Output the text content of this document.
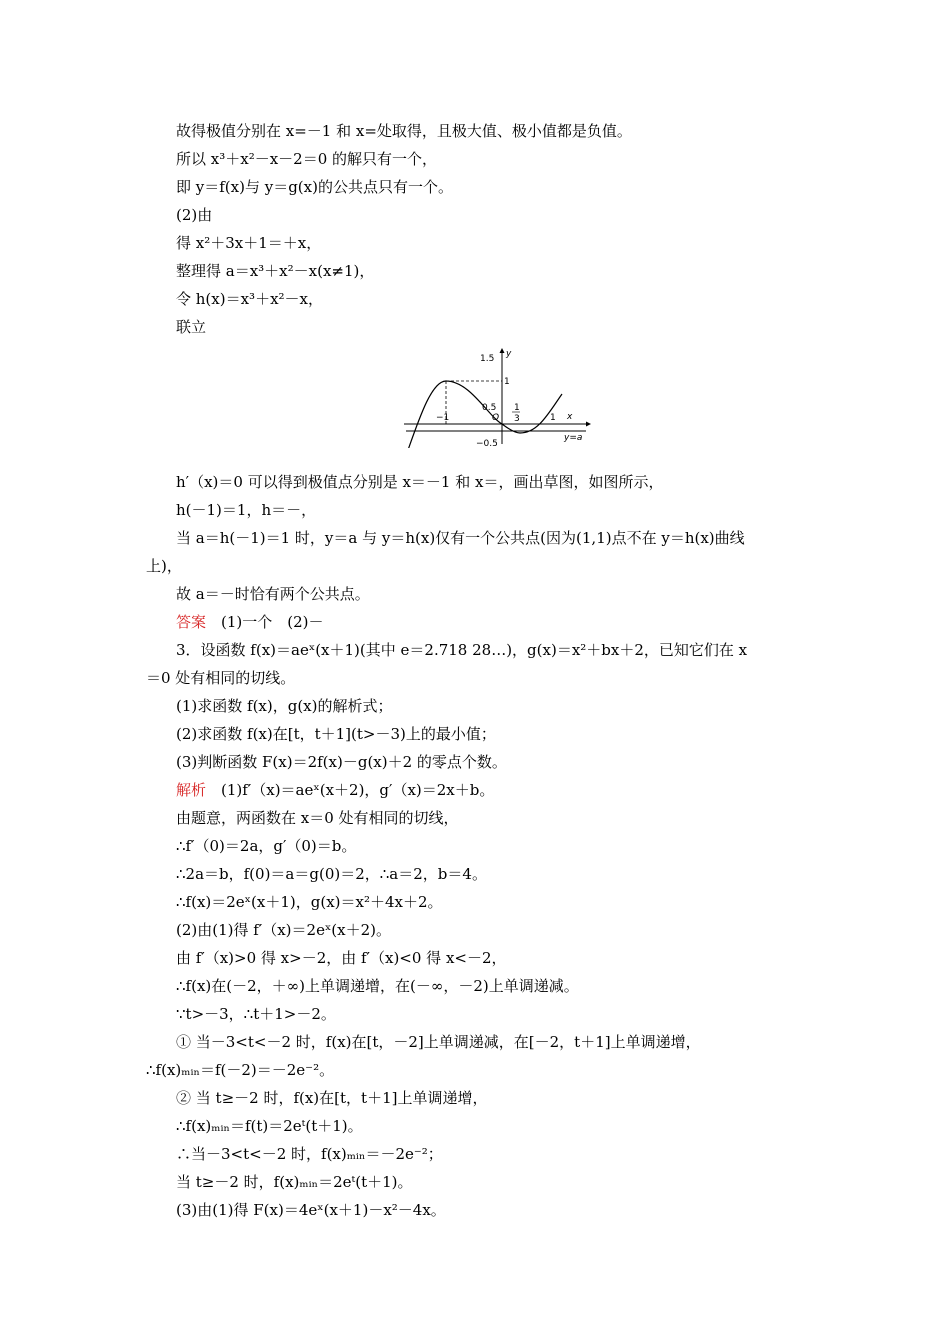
故得极值分别在 x=－1 和 x=处取得，且极大值、极小值都是负值。
所以 x³＋x²－x－2＝0 的解只有一个，
即 y＝f(x)与 y＝g(x)的公共点只有一个。
(2)由
得 x²＋3x＋1＝＋x，
整理得 a＝x³＋x²－x(x≠1)，
令 h(x)＝x³＋x²－x，
联立
1.5 y
1
0.5
−1	O
1
3	1 x
−0.5
y=a
h′（x)＝0 可以得到极值点分别是 x＝－1 和 x＝，画出草图，如图所示，
h(－1)＝1，h＝－，
当 a＝h(－1)＝1 时，y＝a 与 y＝h(x)仅有一个公共点(因为(1,1)点不在 y＝h(x)曲线
上)，
故 a＝－时恰有两个公共点。
答案　 (1)一个　(2)－
3．设函数 f(x)＝aeˣ(x＋1)(其中 e＝2.718 28…)，g(x)＝x²＋bx＋2，已知它们在 x
＝0 处有相同的切线。
(1)求函数 f(x)，g(x)的解析式；
(2)求函数 f(x)在[t，t＋1](t>－3)上的最小值；
(3)判断函数 F(x)＝2f(x)－g(x)＋2 的零点个数。
解析　 (1)f′（x)＝aeˣ(x＋2)，g′（x)＝2x＋b。
由题意，两函数在 x＝0 处有相同的切线，
∴f′（0)＝2a，g′（0)＝b。
∴2a＝b，f(0)＝a＝g(0)＝2，∴a＝2，b＝4。
∴f(x)＝2eˣ(x＋1)，g(x)＝x²＋4x＋2。
(2)由(1)得 f′（x)＝2eˣ(x＋2)。
由 f′（x)>0 得 x>－2，由 f′（x)<0 得 x<－2，
∴f(x)在(－2，＋∞)上单调递增，在(－∞，－2)上单调递减。
∵t>－3，∴t＋1>－2。
① 当－3<t<－2 时，f(x)在[t，－2]上单调递减，在[－2，t＋1]上单调递增，
∴f(x)ₘᵢₙ＝f(－2)＝－2e⁻²。
② 当 t≥－2 时，f(x)在[t，t＋1]上单调递增，
∴f(x)ₘᵢₙ＝f(t)＝2eᵗ(t＋1)。
∴当－3<t<－2 时，f(x)ₘᵢₙ＝－2e⁻²；
当 t≥－2 时，f(x)ₘᵢₙ＝2eᵗ(t＋1)。
(3)由(1)得 F(x)＝4eˣ(x＋1)－x²－4x。
